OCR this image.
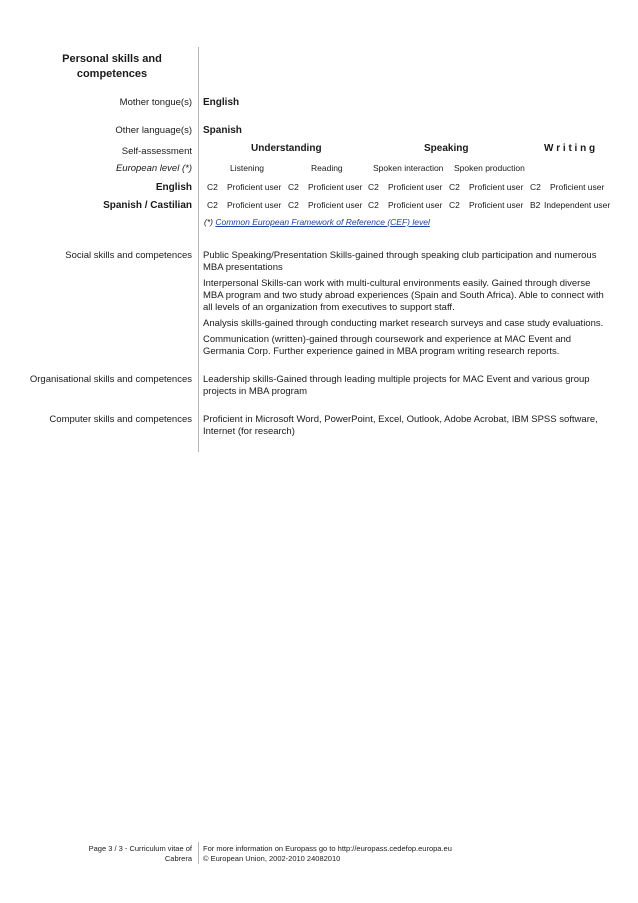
Personal skills and competences
Mother tongue(s) English
Other language(s) Spanish
Self-assessment
European level (*)
Understanding	Speaking	W r i t i n g
Listening	Reading	Spoken interaction Spoken production
English C2 Proficient user C2 Proficient user C2 Proficient user C2 Proficient user C2 Proficient user
Spanish / Castilian C2 Proficient user C2 Proficient user C2 Proficient user C2 Proficient user B2 Independent user
(*) Common European Framework of Reference (CEF) level
Social skills and competences Public Speaking/Presentation Skills-gained through speaking club participation and numerous MBA presentations
Interpersonal Skills-can work with multi-cultural environments easily. Gained through diverse MBA program and two study abroad experiences (Spain and South Africa). Able to connect with all levels of an organization from executives to support staff.
Analysis skills-gained through conducting market research surveys and case study evaluations.
Communication (written)-gained through coursework and experience at MAC Event and Germania Corp. Further experience gained in MBA program writing research reports.
Organisational skills and competences Leadership skills-Gained through leading multiple projects for MAC Event and various group projects in MBA program
Computer skills and competences Proficient in Microsoft Word, PowerPoint, Excel, Outlook, Adobe Acrobat, IBM SPSS software, Internet (for research)
Page 3 / 3 - Curriculum vitae of
Cabrera
For more information on Europass go to http://europass.cedefop.europa.eu
© European Union, 2002-2010 24082010
